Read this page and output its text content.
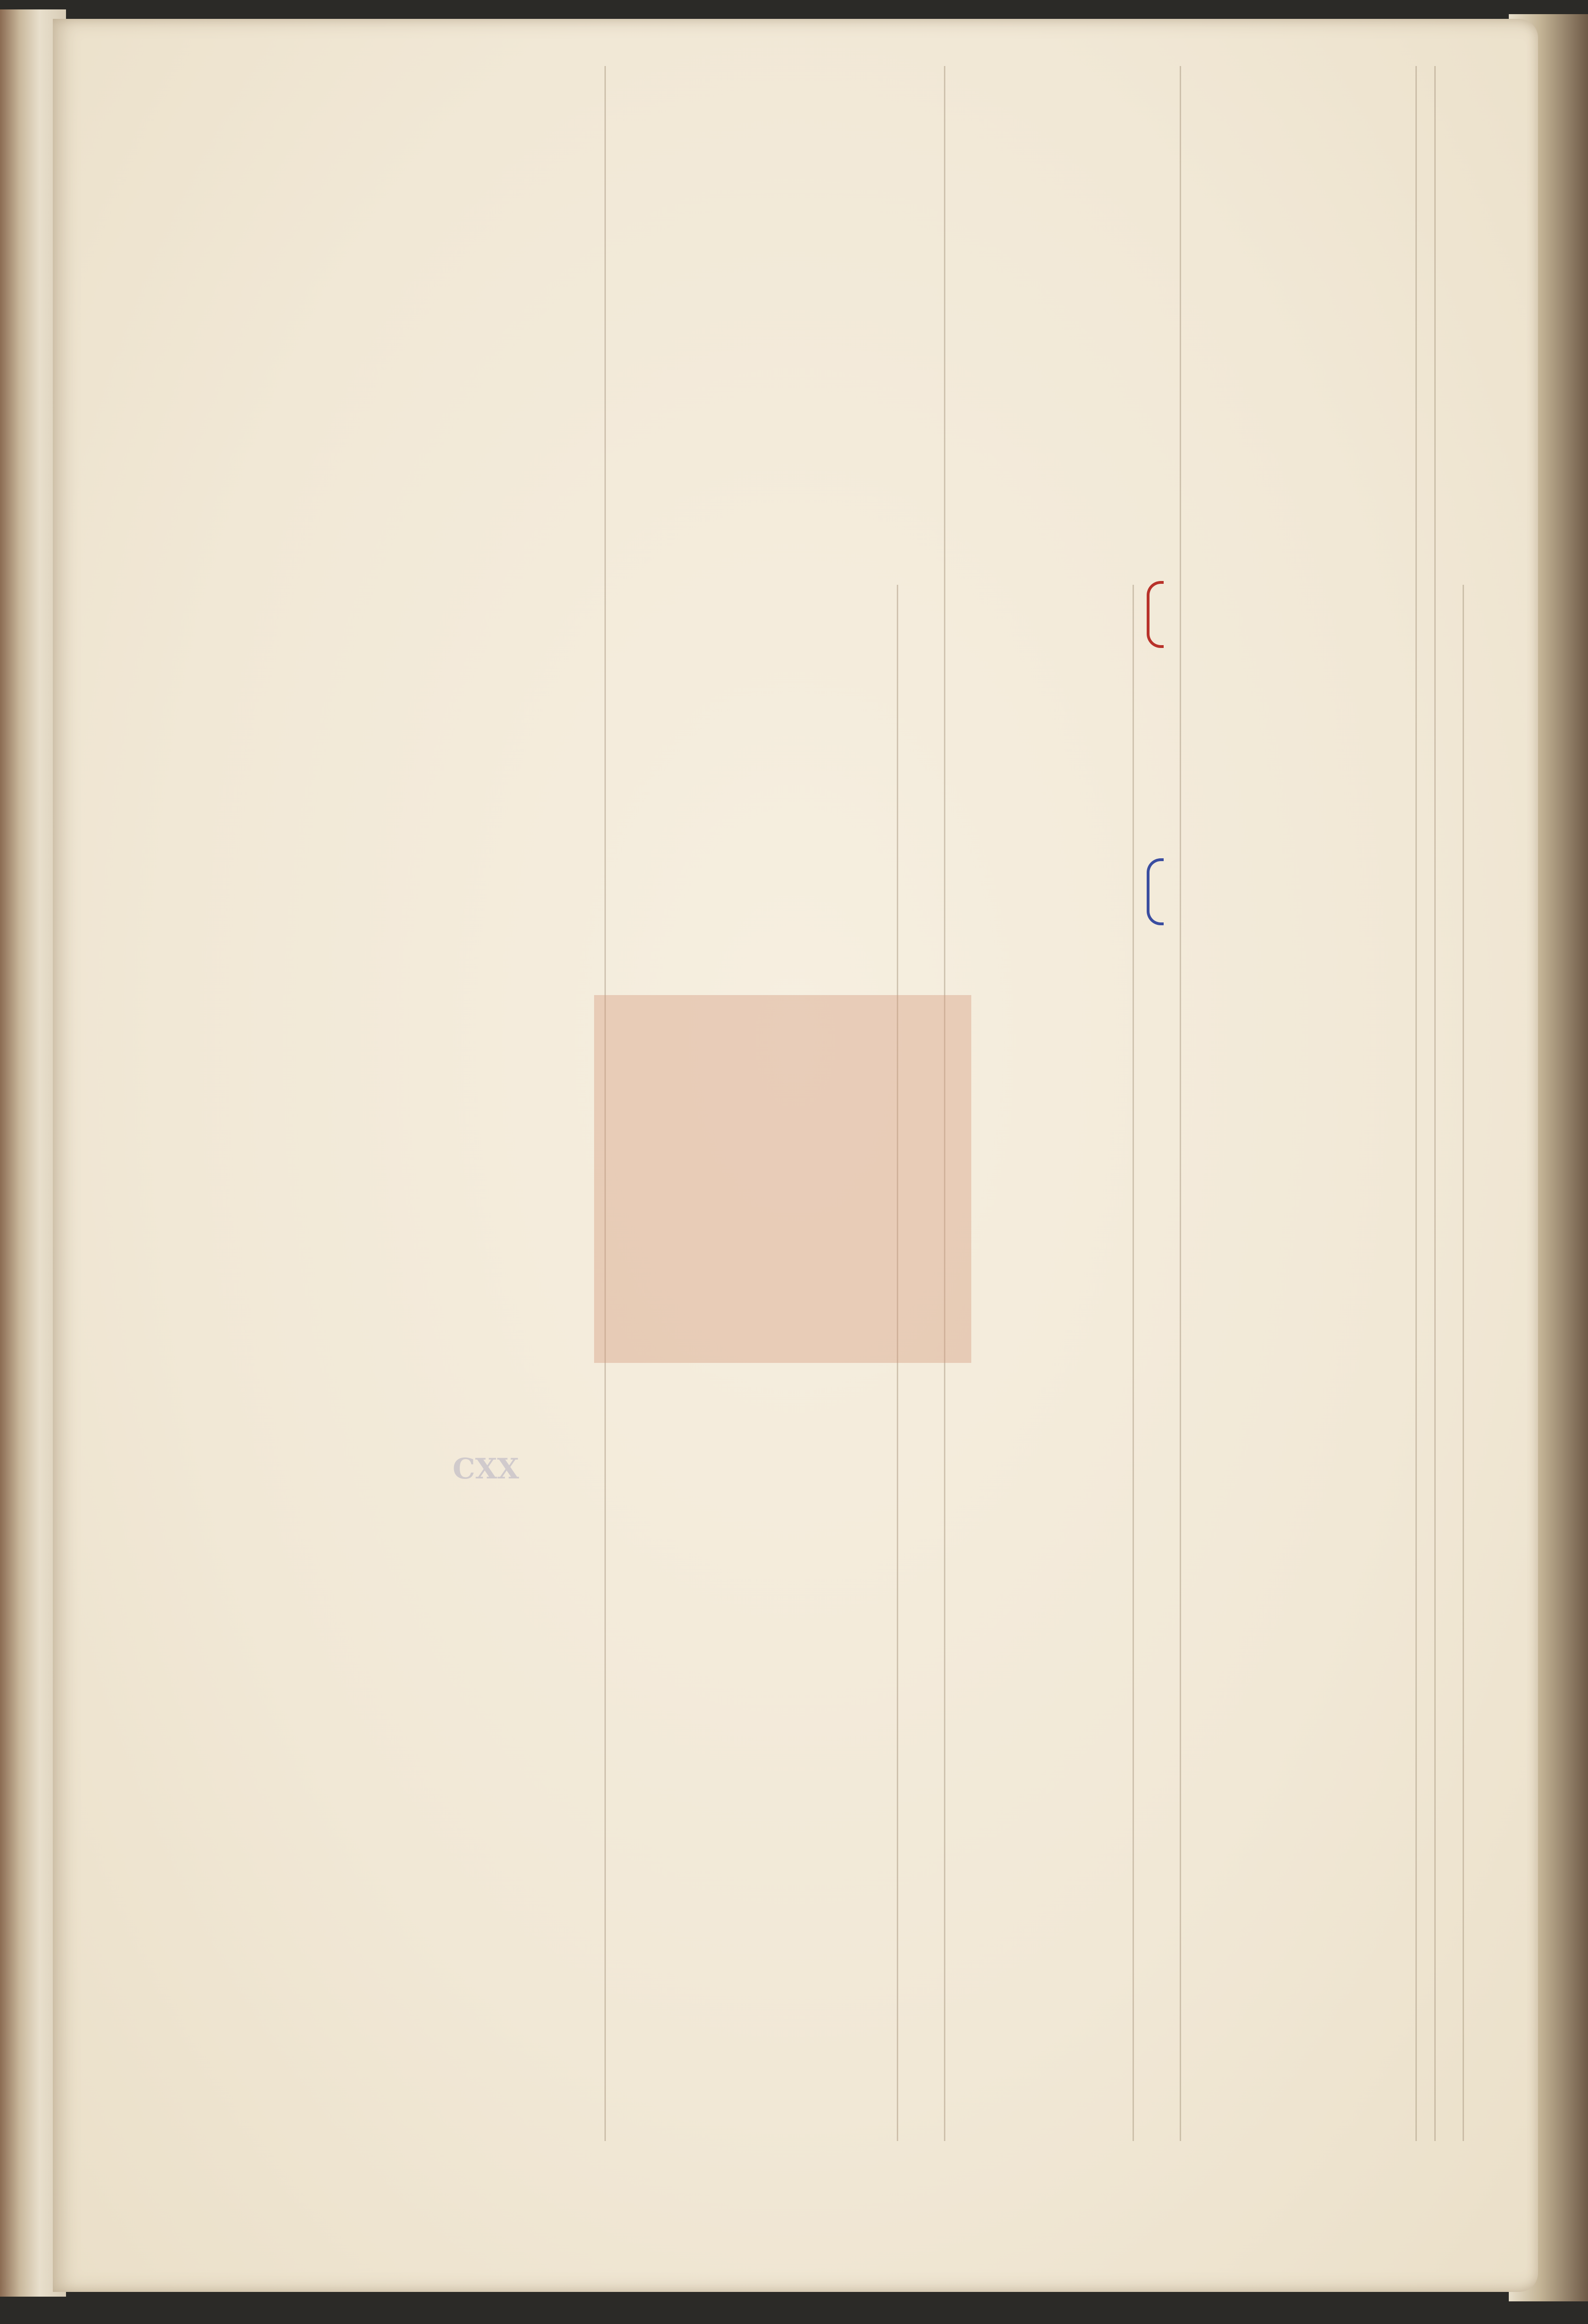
CXX
